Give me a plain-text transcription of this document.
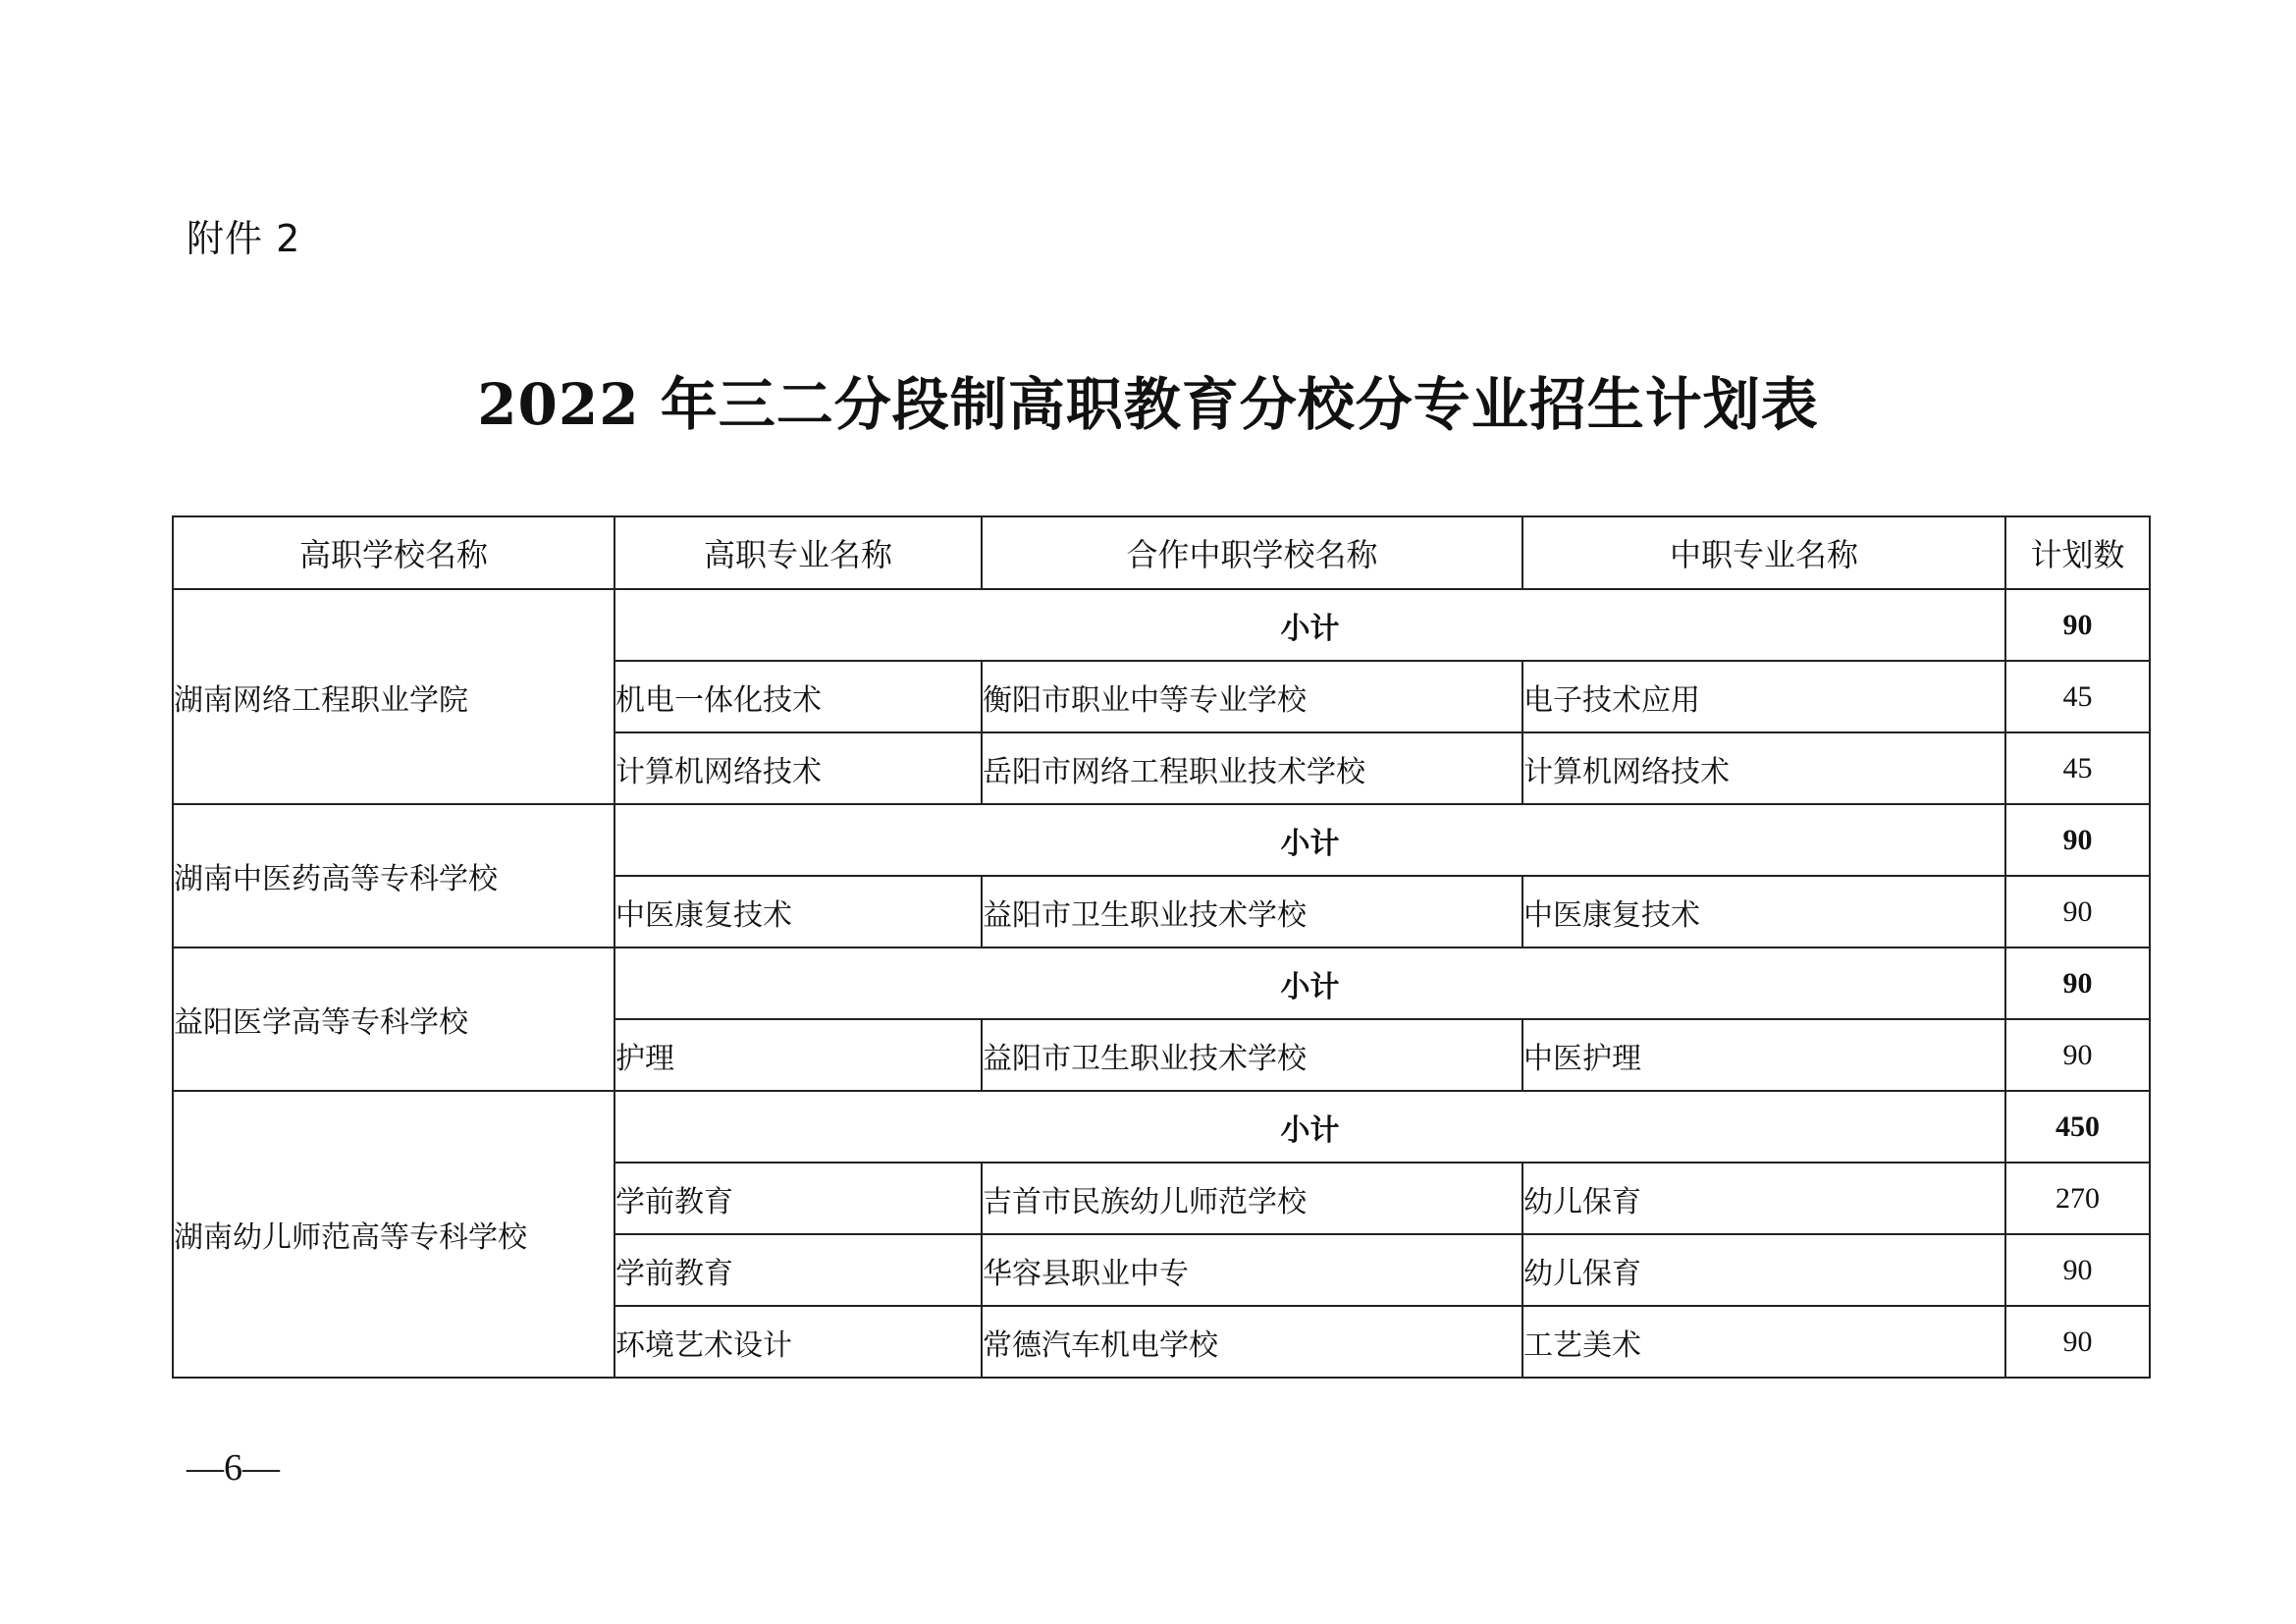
附件 2
2022 年三二分段制高职教育分校分专业招生计划表
高职学校名称	高职专业名称	合作中职学校名称	中职专业名称	计划数
湖南网络工程职业学院	小计			90
	机电一体化技术	衡阳市职业中等专业学校	电子技术应用	45
	计算机网络技术	岳阳市网络工程职业技术学校	计算机网络技术	45
湖南中医药高等专科学校	小计			90
	中医康复技术	益阳市卫生职业技术学校	中医康复技术	90
益阳医学高等专科学校	小计			90
	护理	益阳市卫生职业技术学校	中医护理	90
湖南幼儿师范高等专科学校	小计			450
	学前教育	吉首市民族幼儿师范学校	幼儿保育	270
	学前教育	华容县职业中专	幼儿保育	90
	环境艺术设计	常德汽车机电学校	工艺美术	90
—6—
